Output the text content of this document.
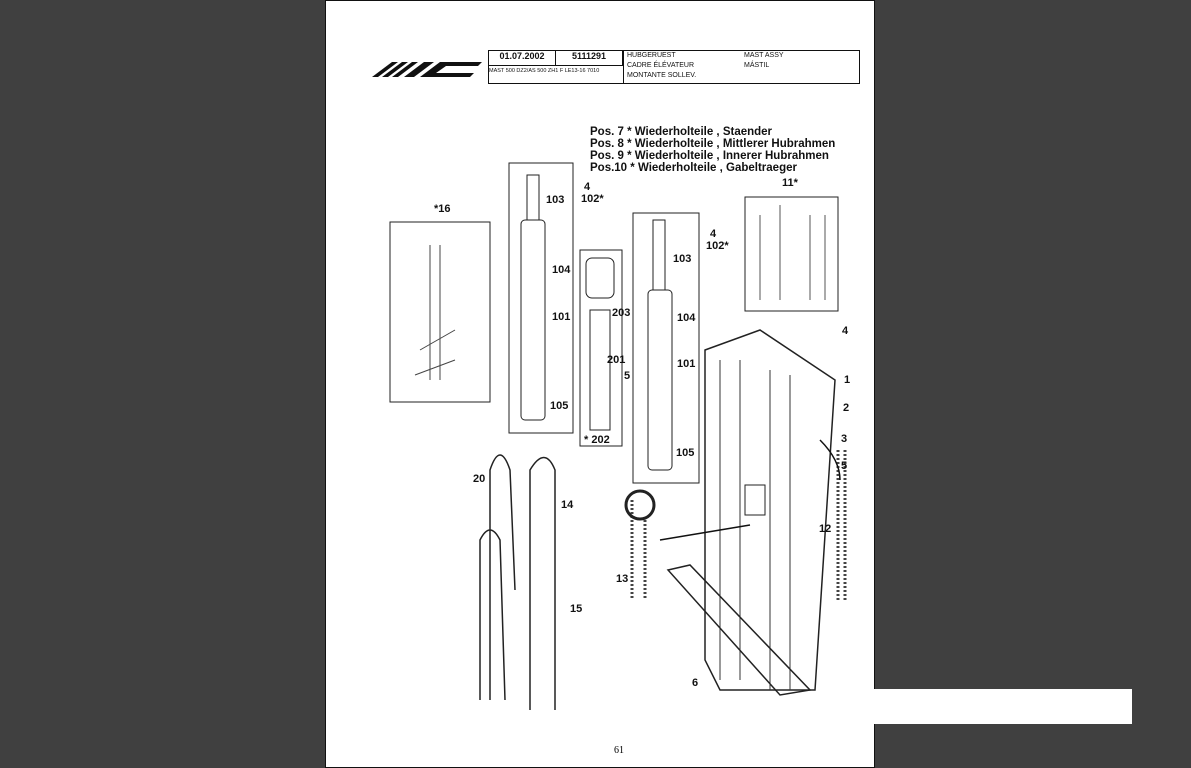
01.07.2002	5111291
MAST 500 DZ2/AS 500 ZH1 F LE13-16 7010
HUBGERUEST
CADRE ÉLÉVATEUR
MONTANTE SOLLEV.
MAST ASSY
MÁSTIL
Pos. 7 * Wiederholteile , Staender
Pos. 8 * Wiederholteile , Mittlerer Hubrahmen
Pos. 9 * Wiederholteile , Innerer Hubrahmen
Pos.10 * Wiederholteile , Gabeltraeger
*16
103
4
102*
104
101
105
203
201
5
* 202
103
4
102*
104
101
105
11*
4
1
2
3
5
12
13
20
14
15
6
61
